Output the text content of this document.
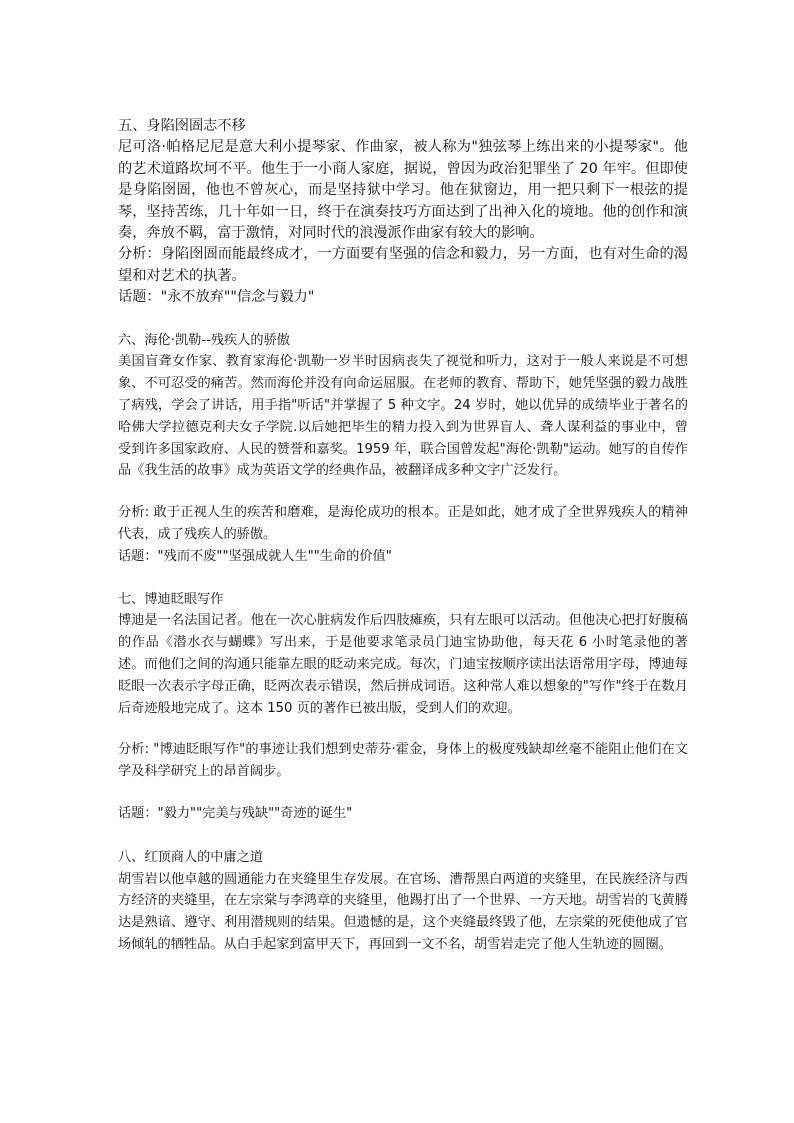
五、身陷囹圄志不移

尼可洛·帕格尼尼是意大利小提琴家、作曲家，被人称为"独弦琴上练出来的小提琴家"。他的艺术道路坎坷不平。他生于一小商人家庭，据说，曾因为政治犯罪坐了 20 年牢。但即使是身陷囹圄，他也不曾灰心，而是坚持狱中学习。他在狱窗边，用一把只剩下一根弦的提琴，坚持苦练，几十年如一日，终于在演奏技巧方面达到了出神入化的境地。他的创作和演奏，奔放不羁，富于激情，对同时代的浪漫派作曲家有较大的影响。

分析：身陷囹圄而能最终成才，一方面要有坚强的信念和毅力，另一方面，也有对生命的渴望和对艺术的执著。

话题："永不放弃""信念与毅力"

六、海伦·凯勒--残疾人的骄傲

美国盲聋女作家、教育家海伦·凯勒一岁半时因病丧失了视觉和听力，这对于一般人来说是不可想象、不可忍受的痛苦。然而海伦并没有向命运屈服。在老师的教育、帮助下，她凭坚强的毅力战胜了病残，学会了讲话，用手指"听话"并掌握了 5 种文字。24 岁时，她以优异的成绩毕业于著名的哈佛大学拉德克利夫女子学院.以后她把毕生的精力投入到为世界盲人、聋人谋利益的事业中，曾受到许多国家政府、人民的赞誉和嘉奖。1959 年，联合国曾发起"海伦·凯勒"运动。她写的自传作品《我生活的故事》成为英语文学的经典作品，被翻译成多种文字广泛发行。

分析: 敢于正视人生的疾苦和磨难，是海伦成功的根本。正是如此，她才成了全世界残疾人的精神代表，成了残疾人的骄傲。

话题："残而不废""坚强成就人生""生命的价值"

七、博迪眨眼写作

博迪是一名法国记者。他在一次心脏病发作后四肢瘫痪，只有左眼可以活动。但他决心把打好腹稿的作品《潜水衣与蝴蝶》写出来，于是他要求笔录员门迪宝协助他，每天花 6 小时笔录他的著述。而他们之间的沟通只能靠左眼的眨动来完成。每次，门迪宝按顺序读出法语常用字母，博迪每眨眼一次表示字母正确，眨两次表示错误，然后拼成词语。这种常人难以想象的"写作"终于在数月后奇迹般地完成了。这本 150 页的著作已被出版，受到人们的欢迎。

分析: "博迪眨眼写作"的事迹让我们想到史蒂芬·霍金，身体上的极度残缺却丝毫不能阻止他们在文学及科学研究上的昂首阔步。

话题："毅力""完美与残缺""奇迹的诞生"

八、红顶商人的中庸之道

胡雪岩以他卓越的圆通能力在夹缝里生存发展。在官场、漕帮黑白两道的夹缝里，在民族经济与西方经济的夹缝里，在左宗棠与李鸿章的夹缝里，他踢打出了一个世界、一方天地。胡雪岩的飞黄腾达是熟谙、遵守、利用潜规则的结果。但遗憾的是，这个夹缝最终毁了他，左宗棠的死使他成了官场倾轧的牺牲品。从白手起家到富甲天下，再回到一文不名，胡雪岩走完了他人生轨迹的圆圈。
